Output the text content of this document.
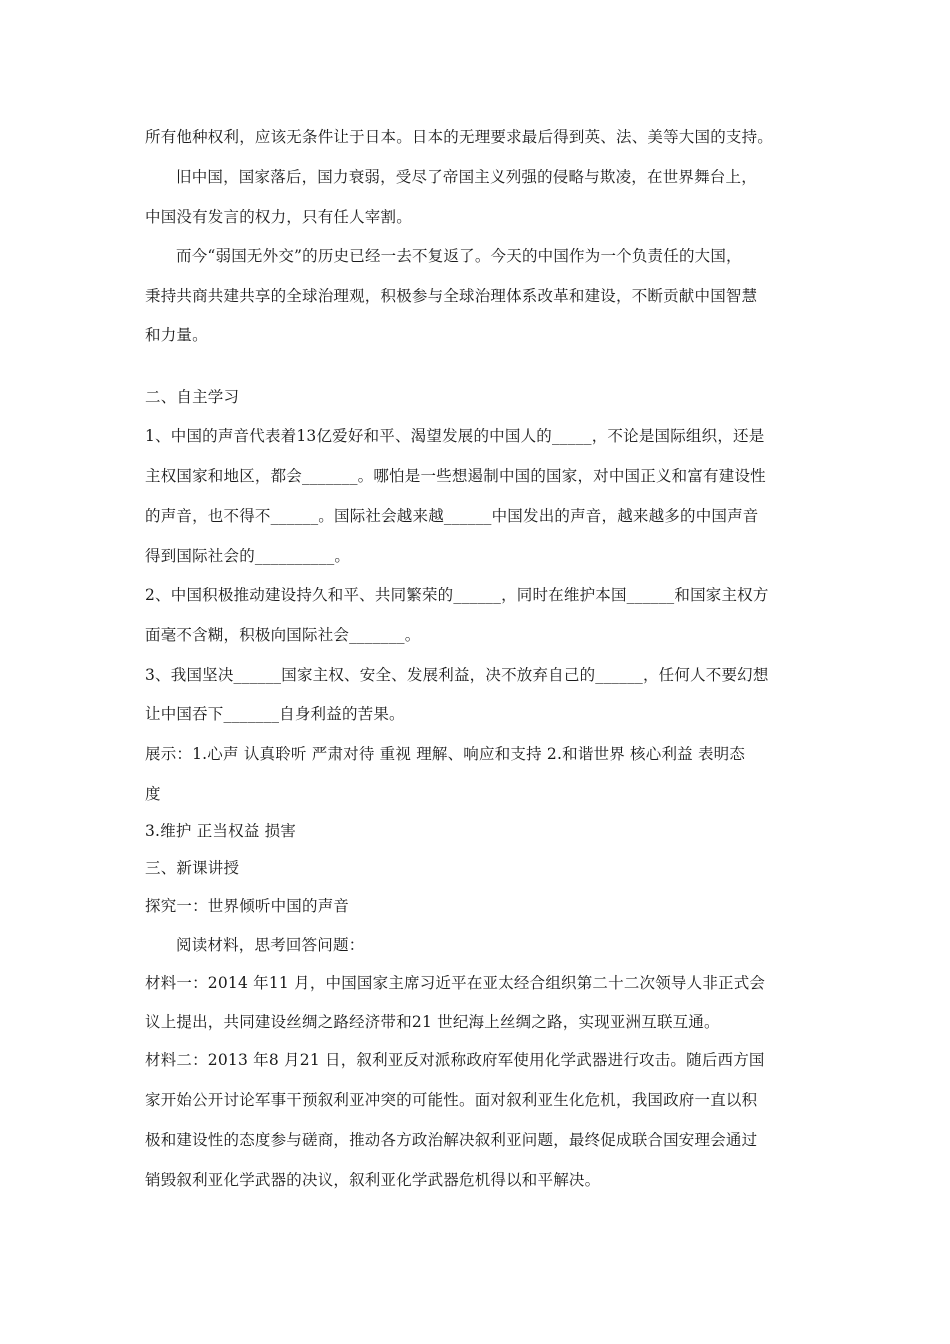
所有他种权利，应该无条件让于日本。日本的无理要求最后得到英、法、美等大国的支持。
旧中国，国家落后，国力衰弱，受尽了帝国主义列强的侵略与欺凌，在世界舞台上，
中国没有发言的权力，只有任人宰割。
而今“弱国无外交”的历史已经一去不复返了。今天的中国作为一个负责任的大国，
秉持共商共建共享的全球治理观，积极参与全球治理体系改革和建设，不断贡献中国智慧
和力量。
二、自主学习
1、中国的声音代表着13亿爱好和平、渴望发展的中国人的_____，不论是国际组织，还是
主权国家和地区，都会_______。哪怕是一些想遏制中国的国家，对中国正义和富有建设性
的声音，也不得不______。国际社会越来越______中国发出的声音，越来越多的中国声音
得到国际社会的__________。
2、中国积极推动建设持久和平、共同繁荣的______，同时在维护本国______和国家主权方
面毫不含糊，积极向国际社会_______。
3、我国坚决______国家主权、安全、发展利益，决不放弃自己的______，任何人不要幻想
让中国吞下_______自身利益的苦果。
展示：1.心声 认真聆听 严肃对待 重视 理解、响应和支持 2.和谐世界 核心利益 表明态
度
3.维护 正当权益 损害
三、新课讲授
探究一：世界倾听中国的声音
阅读材料，思考回答问题：
材料一：2014 年11 月，中国国家主席习近平在亚太经合组织第二十二次领导人非正式会
议上提出，共同建设丝绸之路经济带和21 世纪海上丝绸之路，实现亚洲互联互通。
材料二：2013 年8 月21 日，叙利亚反对派称政府军使用化学武器进行攻击。随后西方国
家开始公开讨论军事干预叙利亚冲突的可能性。面对叙利亚生化危机，我国政府一直以积
极和建设性的态度参与磋商，推动各方政治解决叙利亚问题，最终促成联合国安理会通过
销毁叙利亚化学武器的决议，叙利亚化学武器危机得以和平解决。
